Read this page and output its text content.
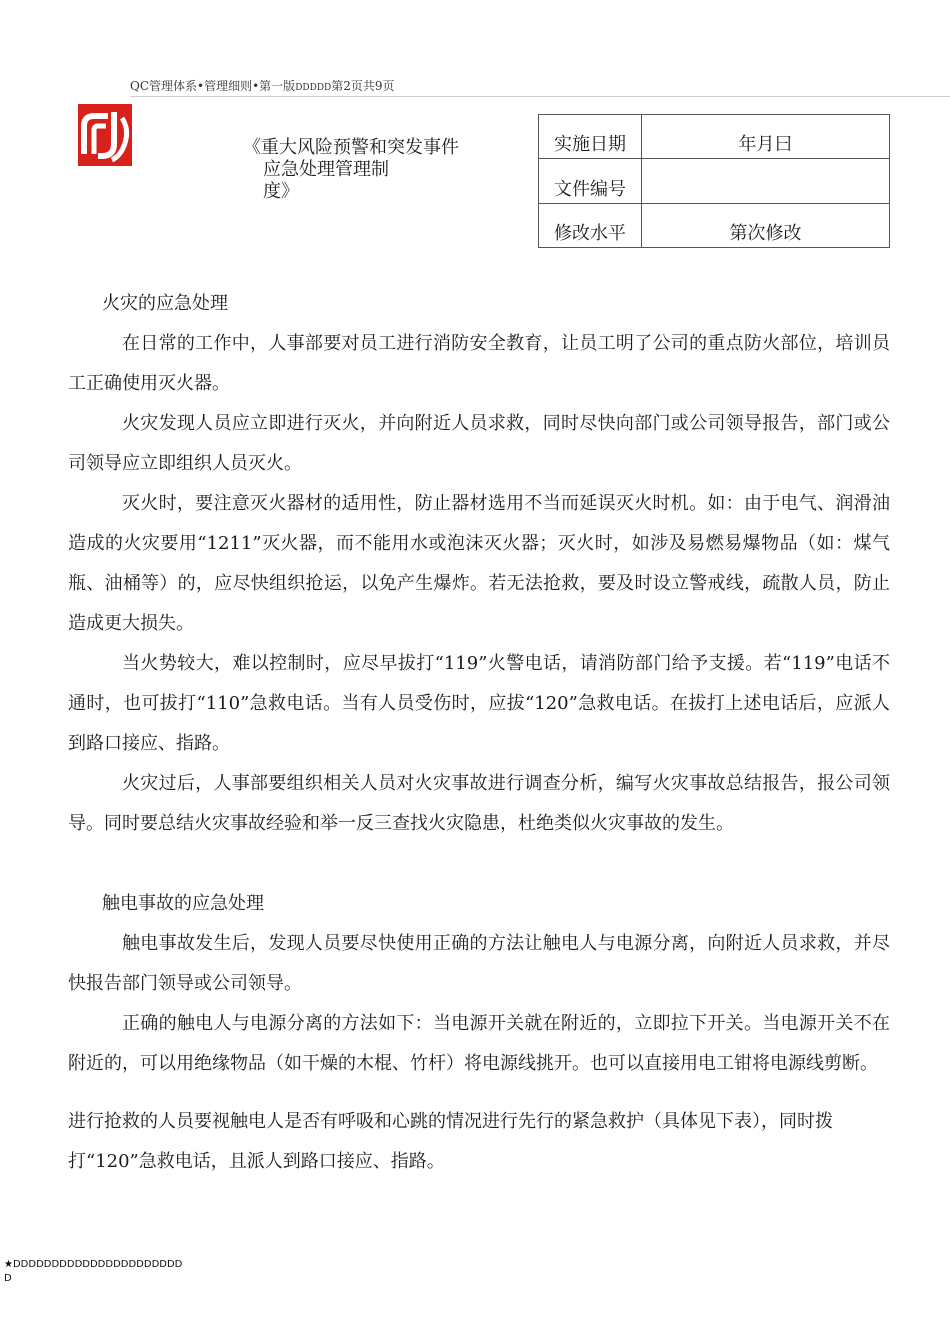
QC管理体系•管理细则•第一版DDDDD第2页共9页
《重大风险预警和突发事件
应急处理管理制
度》
实施日期	年月曰
文件编号	
修改水平	第次修改

火灾的应急处理

在日常的工作中，人事部要对员工进行消防安全教育，让员工明了公司的重点防火部位，培训员工正确使用灭火器。

火灾发现人员应立即进行灭火，并向附近人员求救，同时尽快向部门或公司领导报告，部门或公司领导应立即组织人员灭火。

灭火时，要注意灭火器材的适用性，防止器材选用不当而延误灭火时机。如：由于电气、润滑油造成的火灾要用“1211”灭火器，而不能用水或泡沫灭火器；灭火时，如涉及易燃易爆物品（如：煤气瓶、油桶等）的，应尽快组织抢运，以免产生爆炸。若无法抢救，要及时设立警戒线，疏散人员，防止造成更大损失。

当火势较大，难以控制时，应尽早拔打“119”火警电话，请消防部门给予支援。若“119”电话不通时，也可拔打“110”急救电话。当有人员受伤时，应拔“120”急救电话。在拔打上述电话后，应派人到路口接应、指路。

火灾过后，人事部要组织相关人员对火灾事故进行调查分析，编写火灾事故总结报告，报公司领导。同时要总结火灾事故经验和举一反三查找火灾隐患，杜绝类似火灾事故的发生。

触电事故的应急处理

触电事故发生后，发现人员要尽快使用正确的方法让触电人与电源分离，向附近人员求救，并尽快报告部门领导或公司领导。

正确的触电人与电源分离的方法如下：当电源开关就在附近的，立即拉下开关。当电源开关不在附近的，可以用绝缘物品（如干燥的木棍、竹杆）将电源线挑开。也可以直接用电工钳将电源线剪断。

进行抢救的人员要视触电人是否有呼吸和心跳的情况进行先行的紧急救护（具体见下表），同时拨打“120”急救电话，且派人到路口接应、指路。

★DDDDDDDDDDDDDDDDDDDDDD
D
